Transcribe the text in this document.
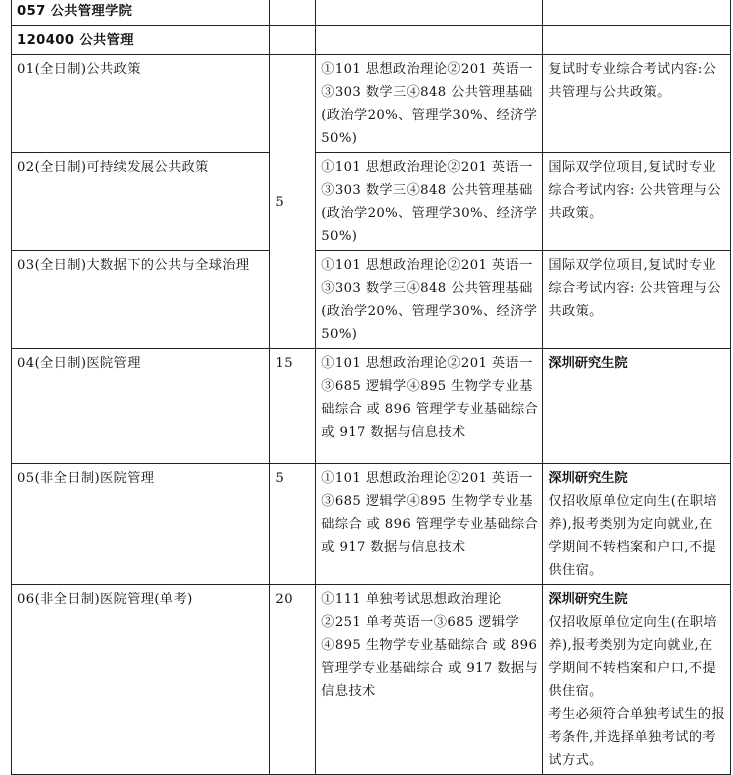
057 公共管理学院			
120400 公共管理			
01(全日制)公共政策	5	①101 思想政治理论②201 英语一③303 数学三④848 公共管理基础(政治学20%、管理学30%、经济学50%)	复试时专业综合考试内容:公共管理与公共政策。
02(全日制)可持续发展公共政策		①101 思想政治理论②201 英语一③303 数学三④848 公共管理基础(政治学20%、管理学30%、经济学50%)	国际双学位项目,复试时专业综合考试内容: 公共管理与公共政策。
03(全日制)大数据下的公共与全球治理		①101 思想政治理论②201 英语一③303 数学三④848 公共管理基础(政治学20%、管理学30%、经济学50%)	国际双学位项目,复试时专业综合考试内容: 公共管理与公共政策。
04(全日制)医院管理	15	①101 思想政治理论②201 英语一③685 逻辑学④895 生物学专业基础综合 或 896 管理学专业基础综合 或 917 数据与信息技术	深圳研究生院

05(非全日制)医院管理	5	①101 思想政治理论②201 英语一③685 逻辑学④895 生物学专业基础综合 或 896 管理学专业基础综合 或 917 数据与信息技术	深圳研究生院
仅招收原单位定向生(在职培养),报考类别为定向就业,在学期间不转档案和户口,不提供住宿。

06(非全日制)医院管理(单考)	20	①111 单独考试思想政治理论②251 单考英语一③685 逻辑学④895 生物学专业基础综合 或 896 管理学专业基础综合 或 917 数据与信息技术	深圳研究生院
仅招收原单位定向生(在职培养),报考类别为定向就业,在学期间不转档案和户口,不提供住宿。
考生必须符合单独考试生的报考条件,并选择单独考试的考试方式。
